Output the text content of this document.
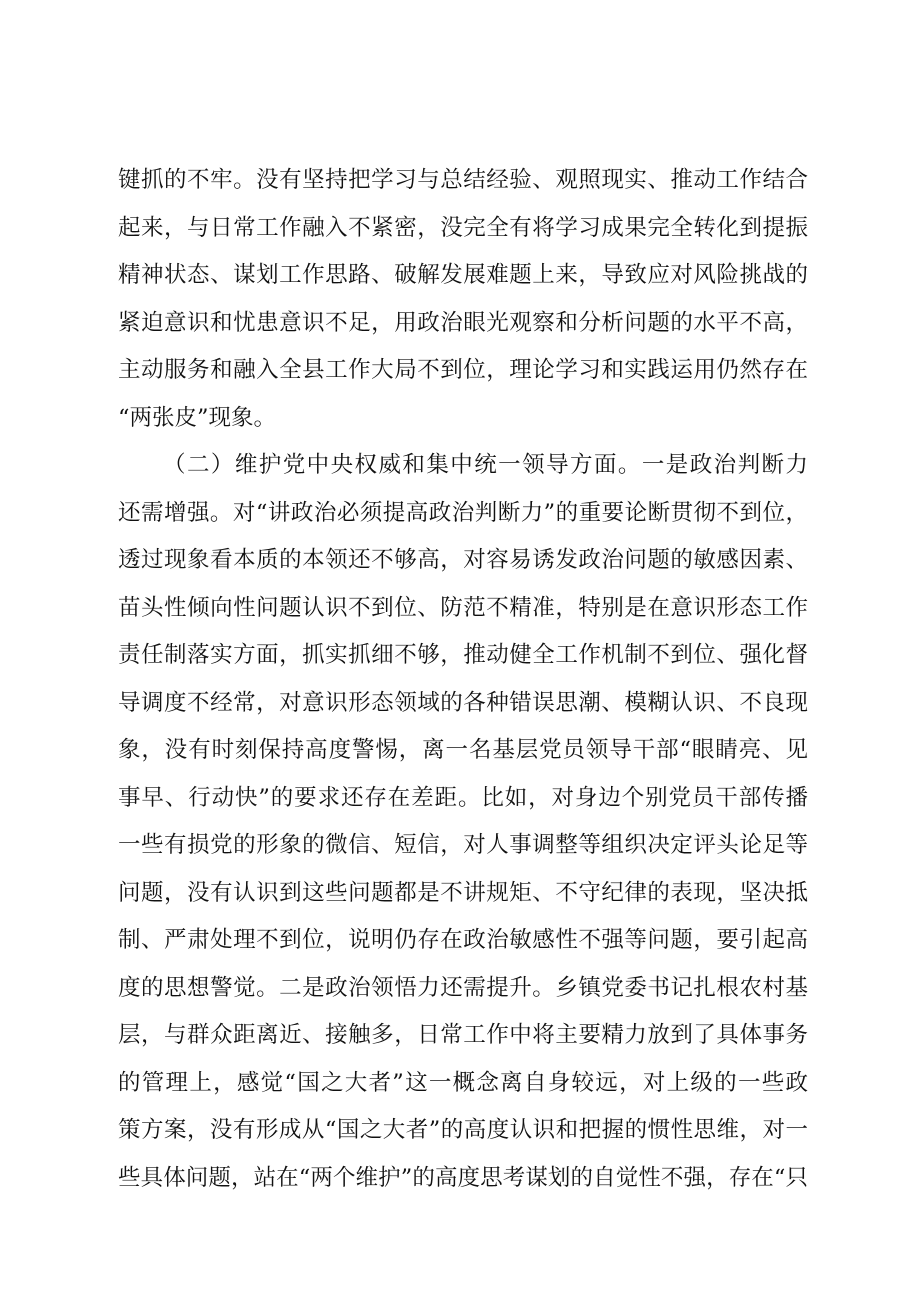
键抓的不牢。没有坚持把学习与总结经验、观照现实、推动工作结合
起来，与日常工作融入不紧密，没完全有将学习成果完全转化到提振
精神状态、谋划工作思路、破解发展难题上来，导致应对风险挑战的
紧迫意识和忧患意识不足，用政治眼光观察和分析问题的水平不高，
主动服务和融入全县工作大局不到位，理论学习和实践运用仍然存在
“两张皮”现象。
（二）维护党中央权威和集中统一领导方面。一是政治判断力
还需增强。对“讲政治必须提高政治判断力”的重要论断贯彻不到位，
透过现象看本质的本领还不够高，对容易诱发政治问题的敏感因素、
苗头性倾向性问题认识不到位、防范不精准，特别是在意识形态工作
责任制落实方面，抓实抓细不够，推动健全工作机制不到位、强化督
导调度不经常，对意识形态领域的各种错误思潮、模糊认识、不良现
象，没有时刻保持高度警惕，离一名基层党员领导干部“眼睛亮、见
事早、行动快”的要求还存在差距。比如，对身边个别党员干部传播
一些有损党的形象的微信、短信，对人事调整等组织决定评头论足等
问题，没有认识到这些问题都是不讲规矩、不守纪律的表现，坚决抵
制、严肃处理不到位，说明仍存在政治敏感性不强等问题，要引起高
度的思想警觉。二是政治领悟力还需提升。乡镇党委书记扎根农村基
层，与群众距离近、接触多，日常工作中将主要精力放到了具体事务
的管理上，感觉“国之大者”这一概念离自身较远，对上级的一些政
策方案，没有形成从“国之大者”的高度认识和把握的惯性思维，对一
些具体问题，站在“两个维护”的高度思考谋划的自觉性不强，存在“只
